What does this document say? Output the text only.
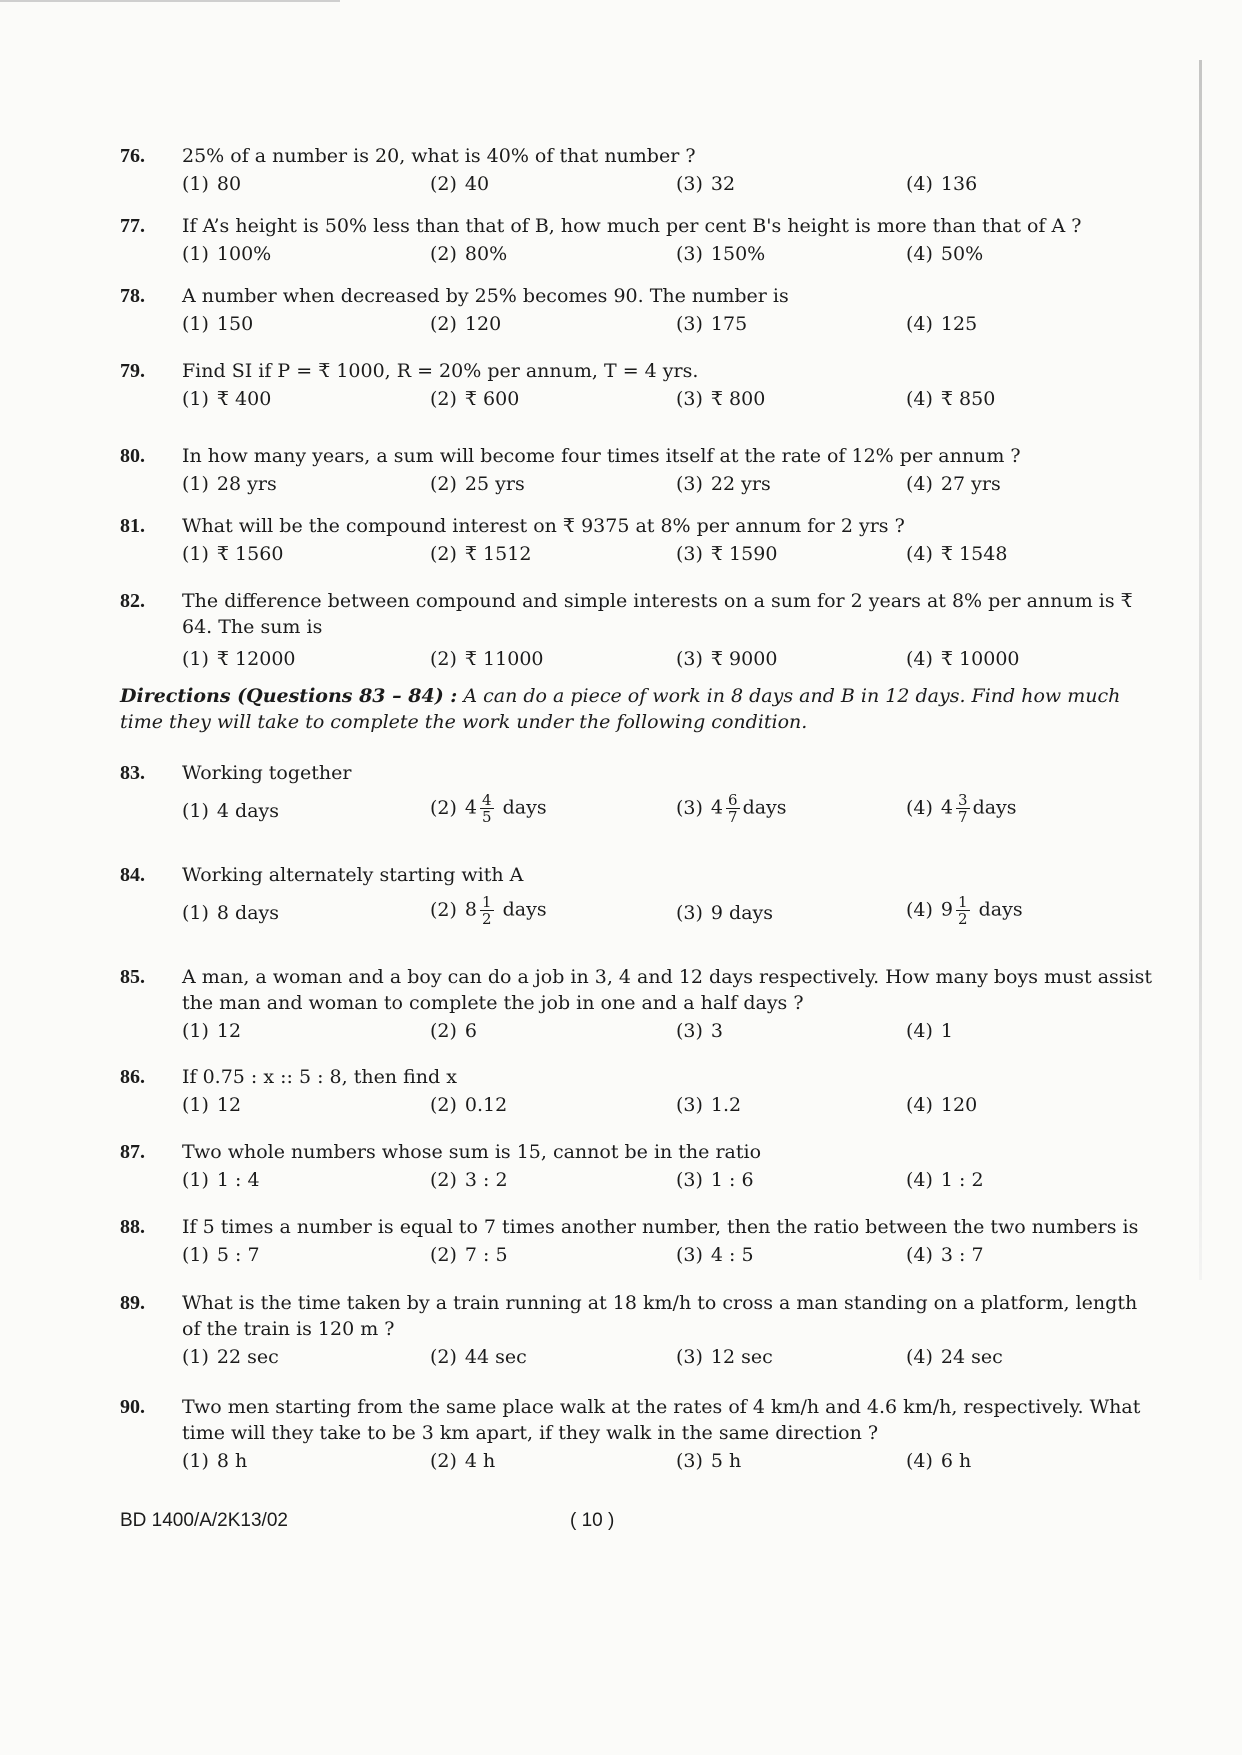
76. 25% of a number is 20, what is 40% of that number ?
(1) 80	(2) 40	(3) 32	(4) 136
77. If A’s height is 50% less than that of B, how much per cent B's height is more than that of A ?
(1) 100%	(2) 80%	(3) 150%	(4) 50%
78. A number when decreased by 25% becomes 90. The number is
(1) 150	(2) 120	(3) 175	(4) 125
79. Find SI if P = ₹ 1000, R = 20% per annum, T = 4 yrs.
(1) ₹ 400	(2) ₹ 600	(3) ₹ 800	(4) ₹ 850
80. In how many years, a sum will become four times itself at the rate of 12% per annum ?
(1) 28 yrs	(2) 25 yrs	(3) 22 yrs	(4) 27 yrs
81. What will be the compound interest on ₹ 9375 at 8% per annum for 2 yrs ?
(1) ₹ 1560	(2) ₹ 1512	(3) ₹ 1590	(4) ₹ 1548
82. The difference between compound and simple interests on a sum for 2 years at 8% per annum is ₹ 64. The sum is
(1) ₹ 12000	(2) ₹ 11000	(3) ₹ 9000	(4) ₹ 10000
Directions (Questions 83 – 84) : A can do a piece of work in 8 days and B in 12 days. Find how much time they will take to complete the work under the following condition.
83. Working together
(1) 4 days	(2) $4 \frac{4}{5}$ days	(3) $4 \frac{6}{7}$ days	(4) $4 \frac{3}{7}$ days
84. Working alternately starting with A
(1) 8 days	(2) $8 \frac{1}{2}$ days	(3) 9 days	(4) $9 \frac{1}{2}$ days
85. A man, a woman and a boy can do a job in 3, 4 and 12 days respectively. How many boys must assist the man and woman to complete the job in one and a half days ?
(1) 12	(2) 6	(3) 3	(4) 1
86. If 0.75 : x :: 5 : 8, then find x
(1) 12	(2) 0.12	(3) 1.2	(4) 120
87. Two whole numbers whose sum is 15, cannot be in the ratio
(1) 1 : 4	(2) 3 : 2	(3) 1 : 6	(4) 1 : 2
88. If 5 times a number is equal to 7 times another number, then the ratio between the two numbers is
(1) 5 : 7	(2) 7 : 5	(3) 4 : 5	(4) 3 : 7
89. What is the time taken by a train running at 18 km/h to cross a man standing on a platform, length of the train is 120 m ?
(1) 22 sec	(2) 44 sec	(3) 12 sec	(4) 24 sec
90. Two men starting from the same place walk at the rates of 4 km/h and 4.6 km/h, respectively. What time will they take to be 3 km apart, if they walk in the same direction ?
(1) 8 h	(2) 4 h	(3) 5 h	(4) 6 h
BD 1400/A/2K13/02	( 10 )
